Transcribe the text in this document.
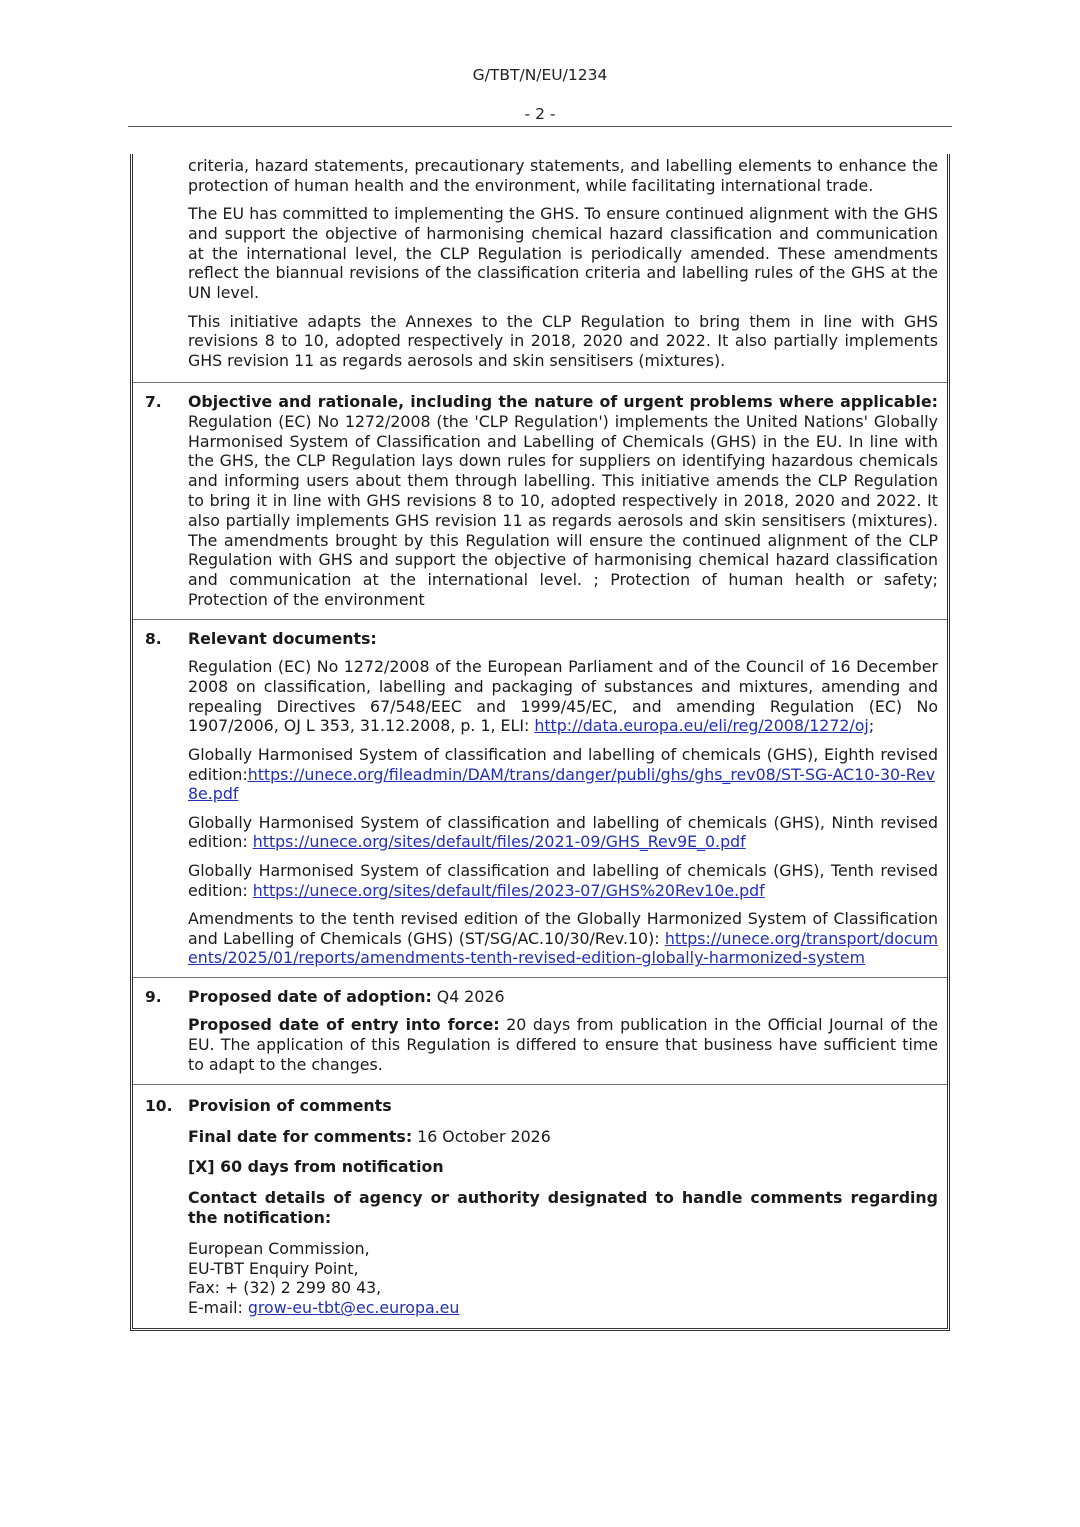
G/TBT/N/EU/1234
- 2 -

criteria, hazard statements, precautionary statements, and labelling elements to enhance the protection of human health and the environment, while facilitating international trade.

The EU has committed to implementing the GHS. To ensure continued alignment with the GHS and support the objective of harmonising chemical hazard classification and communication at the international level, the CLP Regulation is periodically amended. These amendments reflect the biannual revisions of the classification criteria and labelling rules of the GHS at the UN level.

This initiative adapts the Annexes to the CLP Regulation to bring them in line with GHS revisions 8 to 10, adopted respectively in 2018, 2020 and 2022. It also partially implements GHS revision 11 as regards aerosols and skin sensitisers (mixtures).

7.	Objective and rationale, including the nature of urgent problems where applicable: Regulation (EC) No 1272/2008 (the 'CLP Regulation') implements the United Nations' Globally Harmonised System of Classification and Labelling of Chemicals (GHS) in the EU. In line with the GHS, the CLP Regulation lays down rules for suppliers on identifying hazardous chemicals and informing users about them through labelling. This initiative amends the CLP Regulation to bring it in line with GHS revisions 8 to 10, adopted respectively in 2018, 2020 and 2022. It also partially implements GHS revision 11 as regards aerosols and skin sensitisers (mixtures). The amendments brought by this Regulation will ensure the continued alignment of the CLP Regulation with GHS and support the objective of harmonising chemical hazard classification and communication at the international level. ; Protection of human health or safety; Protection of the environment

8.	Relevant documents:

Regulation (EC) No 1272/2008 of the European Parliament and of the Council of 16 December 2008 on classification, labelling and packaging of substances and mixtures, amending and repealing Directives 67/548/EEC and 1999/45/EC, and amending Regulation (EC) No 1907/2006, OJ L 353, 31.12.2008, p. 1, ELI: http://data.europa.eu/eli/reg/2008/1272/oj;

Globally Harmonised System of classification and labelling of chemicals (GHS), Eighth revised edition:https://unece.org/fileadmin/DAM/trans/danger/publi/ghs/ghs_rev08/ST-SG-AC10-30-Rev8e.pdf

Globally Harmonised System of classification and labelling of chemicals (GHS), Ninth revised edition: https://unece.org/sites/default/files/2021-09/GHS_Rev9E_0.pdf

Globally Harmonised System of classification and labelling of chemicals (GHS), Tenth revised edition: https://unece.org/sites/default/files/2023-07/GHS%20Rev10e.pdf

Amendments to the tenth revised edition of the Globally Harmonized System of Classification and Labelling of Chemicals (GHS) (ST/SG/AC.10/30/Rev.10): https://unece.org/transport/documents/2025/01/reports/amendments-tenth-revised-edition-globally-harmonized-system

9.	Proposed date of adoption: Q4 2026

Proposed date of entry into force: 20 days from publication in the Official Journal of the EU. The application of this Regulation is differed to ensure that business have sufficient time to adapt to the changes.

10. Provision of comments

Final date for comments: 16 October 2026

[X] 60 days from notification

Contact details of agency or authority designated to handle comments regarding the notification:

European Commission,
EU-TBT Enquiry Point,
Fax: + (32) 2 299 80 43,
E-mail: grow-eu-tbt@ec.europa.eu
